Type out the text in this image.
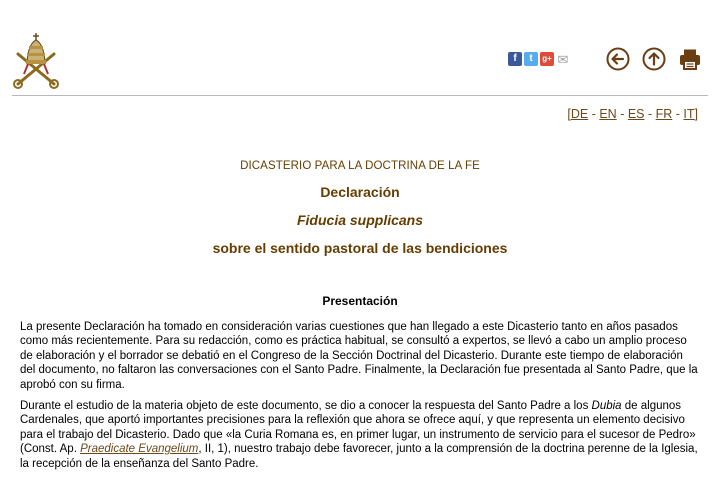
f	t	g+ ✉
[DE - EN - ES - FR - IT]
DICASTERIO PARA LA DOCTRINA DE LA FE
Declaración
Fiducia supplicans
sobre el sentido pastoral de las bendiciones
Presentación

La presente Declaración ha tomado en consideración varias cuestiones que han llegado a este Dicasterio tanto en años pasados como más recientemente. Para su redacción, como es práctica habitual, se consultó a expertos, se llevó a cabo un amplio proceso de elaboración y el borrador se debatió en el Congreso de la Sección Doctrinal del Dicasterio. Durante este tiempo de elaboración del documento, no faltaron las conversaciones con el Santo Padre. Finalmente, la Declaración fue presentada al Santo Padre, que la aprobó con su firma.

Durante el estudio de la materia objeto de este documento, se dio a conocer la respuesta del Santo Padre a los Dubia de algunos Cardenales, que aportó importantes precisiones para la reflexión que ahora se ofrece aquí, y que representa un elemento decisivo para el trabajo del Dicasterio. Dado que «la Curia Romana es, en primer lugar, un instrumento de servicio para el sucesor de Pedro» (Const. Ap. Praedicate Evangelium, II, 1), nuestro trabajo debe favorecer, junto a la comprensión de la doctrina perenne de la Iglesia, la recepción de la enseñanza del Santo Padre.
